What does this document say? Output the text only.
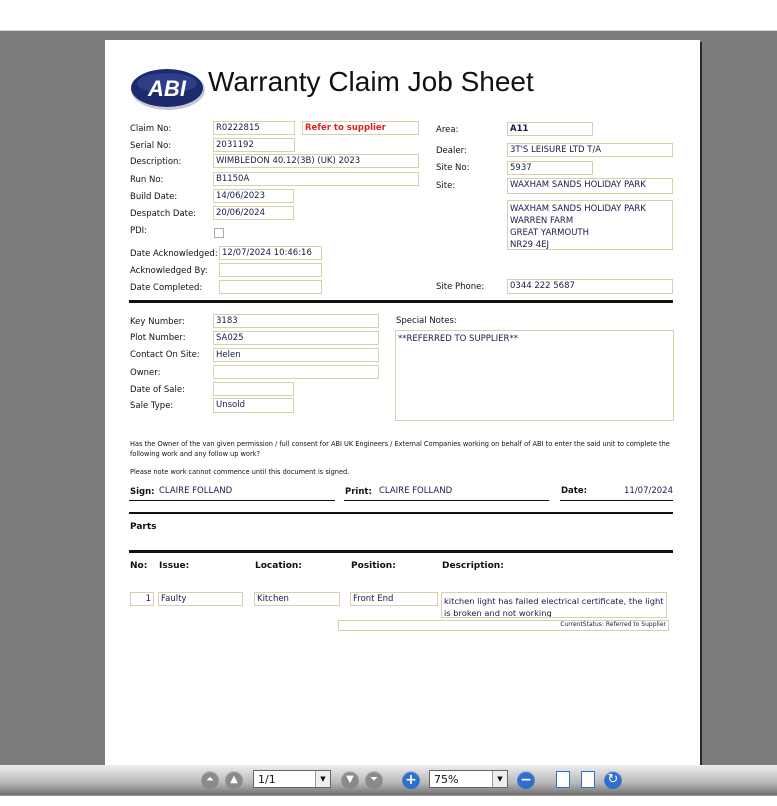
ABI Warranty Claim Job Sheet
Claim No:	R0222815	Refer to supplier
Serial No:	2031192
Description:	WIMBLEDON 40.12(3B) (UK) 2023
Run No:	B1150A
Build Date:	14/06/2023
Despatch Date:	20/06/2024
PDI:
Date Acknowledged: 12/07/2024 10:46:16
Acknowledged By:
Date Completed:
Area:	A11
Dealer:	3T'S LEISURE LTD T/A
Site No:	5937
Site:	WAXHAM SANDS HOLIDAY PARK
WAXHAM SANDS HOLIDAY PARK
WARREN FARM
GREAT YARMOUTH
NR29 4EJ
Site Phone:	0344 222 5687
Key Number:	3183
Plot Number:	SA025
Contact On Site:	Helen
Owner:
Date of Sale:
Sale Type:	Unsold
Special Notes:
**REFERRED TO SUPPLIER**
Has the Owner of the van given permission / full consent for ABI UK Engineers / External Companies working on behalf of ABI to enter the said unit to complete the following work and any follow up work?
Please note work cannot commence until this document is signed.
Sign: CLAIRE FOLLAND	Print: CLAIRE FOLLAND	Date:	11/07/2024
Parts
No: Issue:	Location:	Position:	Description:
1	Faulty	Kitchen	Front End	kitchen light has failed electrical certificate, the light is broken and not working
CurrentStatus: Referred to Supplier
⏶	▲	1/1	▼	▼	⏷	+	75%	▼	−	↻
